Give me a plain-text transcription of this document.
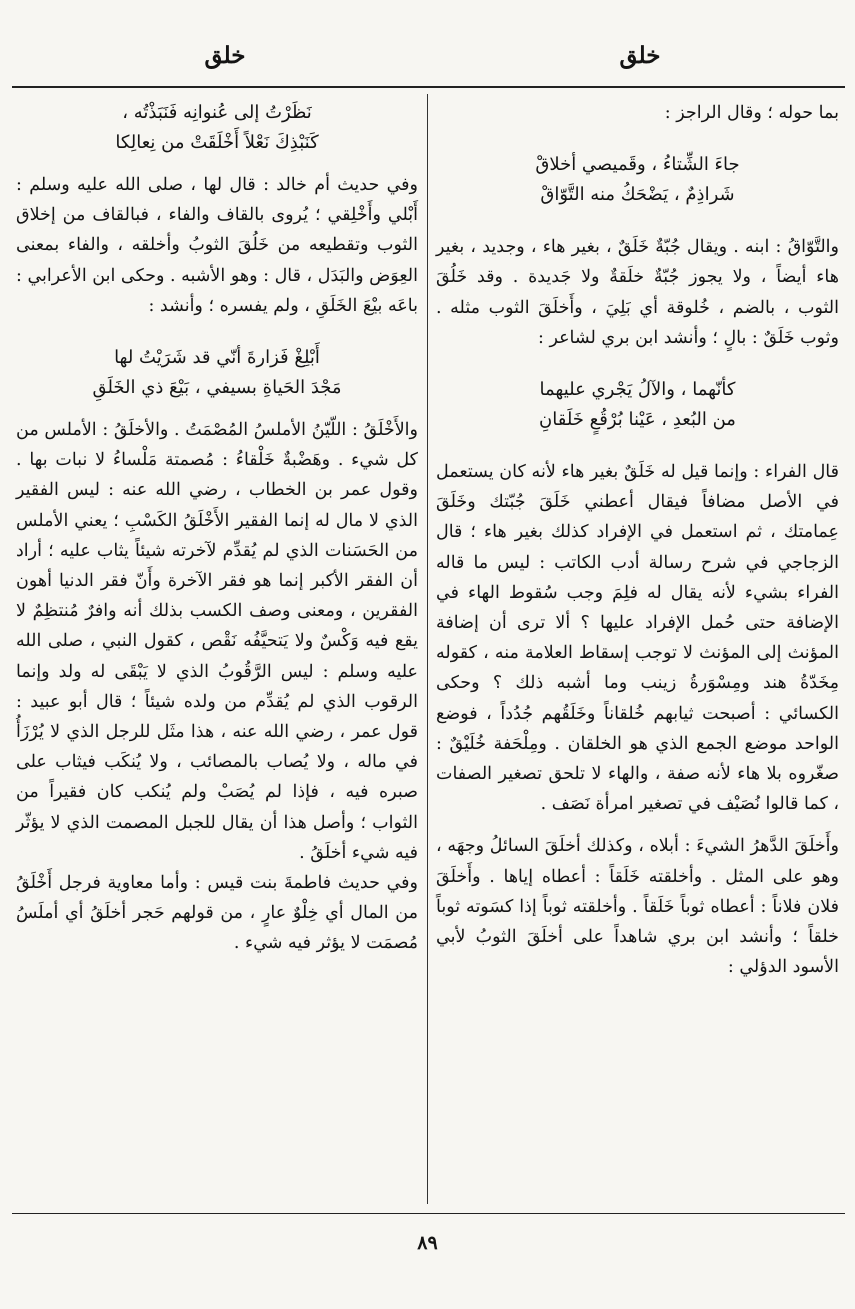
خلق
خلق

بما حوله ؛ وقال الراجز :

جاءَ الشِّتاءُ ، وقَميصي أخلاقْ

شَراذِمٌ ، يَضْحَكُ منه التَّوّاقْ

والتَّوّاقُ : ابنه . ويقال جُبّةٌ خَلَقٌ ، بغير هاء ، وجديد ، بغير هاء أيضاً ، ولا يجوز جُبّةٌ خلَقةٌ ولا جَديدة . وقد خَلُقَ الثوب ، بالضم ، خُلوقة أي بَلِيَ ، وأَخلَقَ الثوب مثله . وثوب خَلَقٌ : بالٍ ؛ وأنشد ابن بري لشاعر :

كأنّهما ، والآلُ يَجْري عليهما

من البُعدِ ، عَيْنا بُرْقُعٍ خَلَقانِ

قال الفراء : وإنما قيل له خَلَقٌ بغير هاء لأنه كان يستعمل في الأصل مضافاً فيقال أعطني خَلَقَ جُبّتك وخَلَقَ عِمامتك ، ثم استعمل في الإفراد كذلك بغير هاء ؛ قال الزجاجي في شرح رسالة أدب الكاتب : ليس ما قاله الفراء بشيء لأنه يقال له فلِمَ وجب سُقوط الهاء في الإضافة حتى حُمل الإفراد عليها ؟ ألا ترى أن إضافة المؤنث إلى المؤنث لا توجب إسقاط العلامة منه ، كقوله مِخَدّةُ هند ومِسْوَرةُ زينب وما أشبه ذلك ؟ وحكى الكسائي : أصبحت ثيابهم خُلقاناً وخَلَقُهم جُدُداً ، فوضع الواحد موضع الجمع الذي هو الخلقان . ومِلْحَفة خُلَيْقٌ : صغّروه بلا هاء لأنه صفة ، والهاء لا تلحق تصغير الصفات ، كما قالوا نُصَيْف في تصغير امرأة نَصَف .

وأَخلَقَ الدَّهرُ الشيءَ : أبلاه ، وكذلك أخلَقَ السائلُ وجهَه ، وهو على المثل . وأخلقته خَلَقاً : أعطاه إياها . وأَخلَقَ فلان فلاناً : أعطاه ثوباً خَلَقاً . وأخلقته ثوباً إذا كسَوته ثوباً خلقاً ؛ وأنشد ابن بري شاهداً على أخلَقَ الثوبُ لأبي الأسود الدؤلي :

نَظَرْتُ إلى عُنوانِه فَنَبَذْتُه ،

كَنَبْذِكَ نَعْلاً أَخْلَقَتْ من نِعالِكا

وفي حديث أم خالد : قال لها ، صلى الله عليه وسلم : أَبْلي وأَخْلِقي ؛ يُروى بالقاف والفاء ، فبالقاف من إخلاق الثوب وتقطيعه من خَلُقَ الثوبُ وأخلقه ، والفاء بمعنى العِوَض والبَدَل ، قال : وهو الأشبه . وحكى ابن الأعرابي : باعَه بيْعَ الخَلَقِ ، ولم يفسره ؛ وأنشد :

أَبْلِغْ فَزارةَ أنّي قد شَرَيْتُ لها

مَجْدَ الحَياةِ بسيفي ، بَيْعَ ذي الخَلَقِ

والأَخْلَقُ : اللّيّنُ الأملسُ المُصْمَتُ . والأخلَقُ : الأملس من كل شيء . وهَضْبةٌ خَلْقاءُ : مُصمتة مَلْساءُ لا نبات بها . وقول عمر بن الخطاب ، رضي الله عنه : ليس الفقير الذي لا مال له إنما الفقير الأَخْلَقُ الكَسْبِ ؛ يعني الأملس من الحَسَنات الذي لم يُقدِّم لآخرته شيئاً يثاب عليه ؛ أراد أن الفقر الأكبر إنما هو فقر الآخرة وأَنّ فقر الدنيا أهون الفقرين ، ومعنى وصف الكسب بذلك أنه وافرٌ مُنتظِمٌ لا يقع فيه وَكْسٌ ولا يَتحيَّفُه نَقْص ، كقول النبي ، صلى الله عليه وسلم : ليس الرَّقُوبُ الذي لا يَبْقَى له ولد وإنما الرقوب الذي لم يُقدِّم من ولده شيئاً ؛ قال أبو عبيد : قول عمر ، رضي الله عنه ، هذا مثَل للرجل الذي لا يُرْزَأُ في ماله ، ولا يُصاب بالمصائب ، ولا يُنكَب فيثاب على صبره فيه ، فإذا لم يُصَبْ ولم يُنكب كان فقيراً من الثواب ؛ وأصل هذا أن يقال للجبل المصمت الذي لا يؤثّر فيه شيء أخلَقُ .

وفي حديث فاطمةَ بنت قيس : وأما معاوية فرجل أَخْلَقُ من المال أي خِلْوٌ عارٍ ، من قولهم حَجر أخلَقُ أي أملَسُ مُصمَت لا يؤثر فيه شيء .

٨٩
